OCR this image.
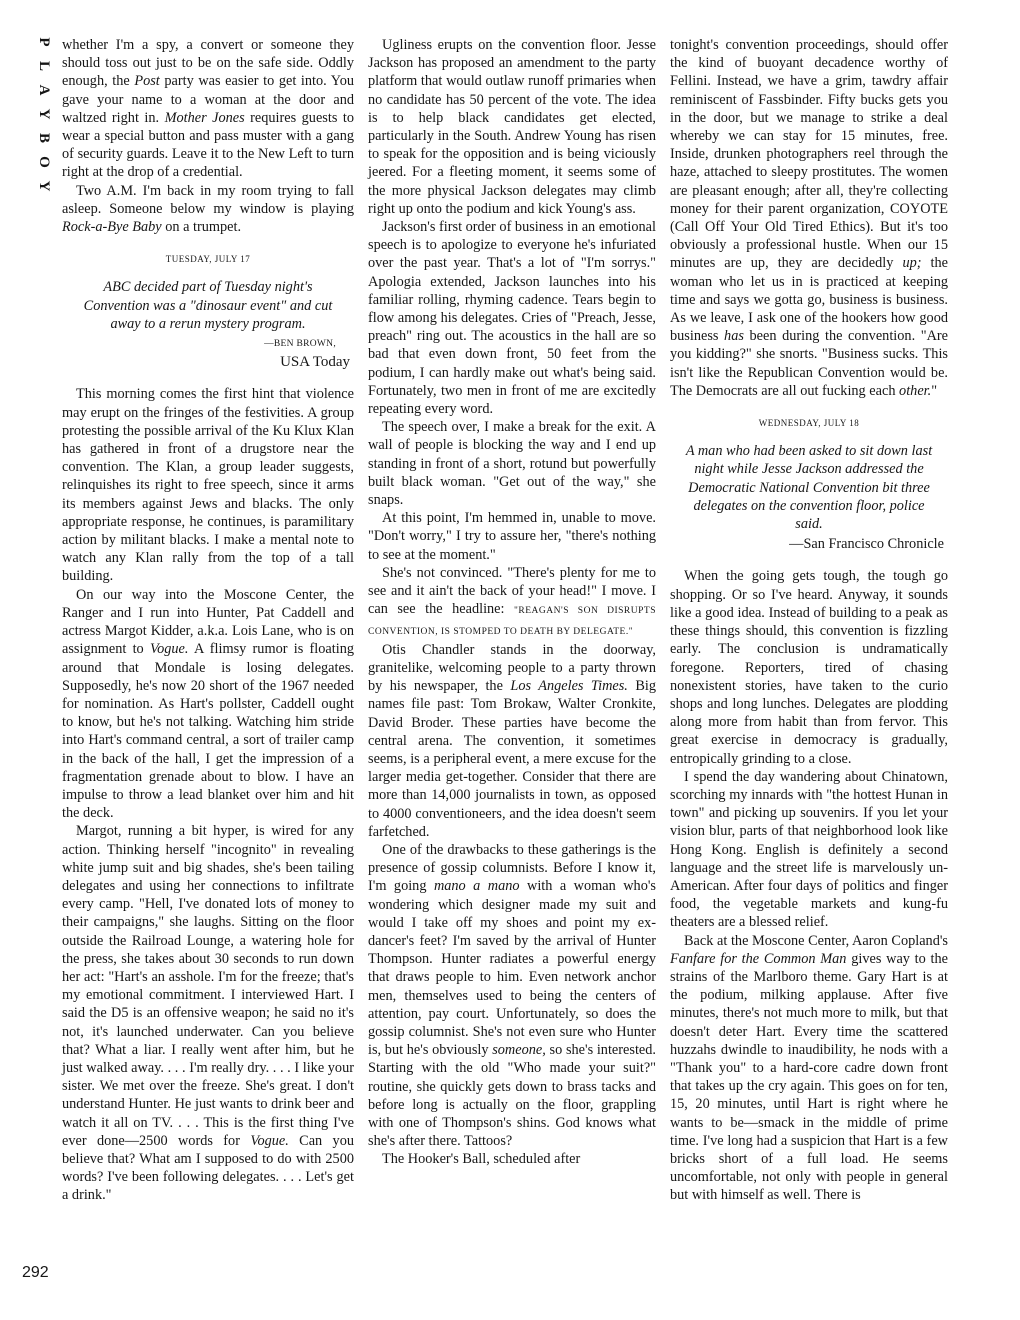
P
L
A
Y
B
O
Y
292

whether I'm a spy, a convert or someone they should toss out just to be on the safe side. Oddly enough, the Post party was easier to get into. You gave your name to a woman at the door and waltzed right in. Mother Jones requires guests to wear a special button and pass muster with a gang of security guards. Leave it to the New Left to turn right at the drop of a credential.

Two A.M. I'm back in my room trying to fall asleep. Someone below my window is playing Rock-a-Bye Baby on a trumpet.

TUESDAY, JULY 17
ABC decided part of Tuesday night's Convention was a "dinosaur event" and cut away to a rerun mystery program.
—BEN BROWN,
USA Today

This morning comes the first hint that violence may erupt on the fringes of the festivities. A group protesting the possible arrival of the Ku Klux Klan has gathered in front of a drugstore near the convention. The Klan, a group leader suggests, relinquishes its right to free speech, since it arms its members against Jews and blacks. The only appropriate response, he continues, is paramilitary action by militant blacks. I make a mental note to watch any Klan rally from the top of a tall building.

On our way into the Moscone Center, the Ranger and I run into Hunter, Pat Caddell and actress Margot Kidder, a.k.a. Lois Lane, who is on assignment to Vogue. A flimsy rumor is floating around that Mondale is losing delegates. Supposedly, he's now 20 short of the 1967 needed for nomination. As Hart's pollster, Caddell ought to know, but he's not talking. Watching him stride into Hart's command central, a sort of trailer camp in the back of the hall, I get the impression of a fragmentation grenade about to blow. I have an impulse to throw a lead blanket over him and hit the deck.

Margot, running a bit hyper, is wired for any action. Thinking herself "incognito" in revealing white jump suit and big shades, she's been tailing delegates and using her connections to infiltrate every camp. "Hell, I've donated lots of money to their campaigns," she laughs. Sitting on the floor outside the Railroad Lounge, a watering hole for the press, she takes about 30 seconds to run down her act: "Hart's an asshole. I'm for the freeze; that's my emotional commitment. I interviewed Hart. I said the D5 is an offensive weapon; he said no it's not, it's launched underwater. Can you believe that? What a liar. I really went after him, but he just walked away. . . . I'm really dry. . . . I like your sister. We met over the freeze. She's great. I don't understand Hunter. He just wants to drink beer and watch it all on TV. . . . This is the first thing I've ever done—2500 words for Vogue. Can you believe that? What am I supposed to do with 2500 words? I've been following delegates. . . . Let's get a drink."

Ugliness erupts on the convention floor. Jesse Jackson has proposed an amendment to the party platform that would outlaw runoff primaries when no candidate has 50 percent of the vote. The idea is to help black candidates get elected, particularly in the South. Andrew Young has risen to speak for the opposition and is being viciously jeered. For a fleeting moment, it seems some of the more physical Jackson delegates may climb right up onto the podium and kick Young's ass.

Jackson's first order of business in an emotional speech is to apologize to everyone he's infuriated over the past year. That's a lot of "I'm sorrys." Apologia extended, Jackson launches into his familiar rolling, rhyming cadence. Tears begin to flow among his delegates. Cries of "Preach, Jesse, preach" ring out. The acoustics in the hall are so bad that even down front, 50 feet from the podium, I can hardly make out what's being said. Fortunately, two men in front of me are excitedly repeating every word.

The speech over, I make a break for the exit. A wall of people is blocking the way and I end up standing in front of a short, rotund but powerfully built black woman. "Get out of the way," she snaps.

At this point, I'm hemmed in, unable to move. "Don't worry," I try to assure her, "there's nothing to see at the moment."

She's not convinced. "There's plenty for me to see and it ain't the back of your head!" I move. I can see the headline: "REAGAN'S SON DISRUPTS CONVENTION, IS STOMPED TO DEATH BY DELEGATE."

Otis Chandler stands in the doorway, granitelike, welcoming people to a party thrown by his newspaper, the Los Angeles Times. Big names file past: Tom Brokaw, Walter Cronkite, David Broder. These parties have become the central arena. The convention, it sometimes seems, is a peripheral event, a mere excuse for the larger media get-together. Consider that there are more than 14,000 journalists in town, as opposed to 4000 conventioneers, and the idea doesn't seem farfetched.

One of the drawbacks to these gatherings is the presence of gossip columnists. Before I know it, I'm going mano a mano with a woman who's wondering which designer made my suit and would I take off my shoes and point my ex-dancer's feet? I'm saved by the arrival of Hunter Thompson. Hunter radiates a powerful energy that draws people to him. Even network anchor men, themselves used to being the centers of attention, pay court. Unfortunately, so does the gossip columnist. She's not even sure who Hunter is, but he's obviously someone, so she's interested. Starting with the old "Who made your suit?" routine, she quickly gets down to brass tacks and before long is actually on the floor, grappling with one of Thompson's shins. God knows what she's after there. Tattoos?

The Hooker's Ball, scheduled after

tonight's convention proceedings, should offer the kind of buoyant decadence worthy of Fellini. Instead, we have a grim, tawdry affair reminiscent of Fassbinder. Fifty bucks gets you in the door, but we manage to strike a deal whereby we can stay for 15 minutes, free. Inside, drunken photographers reel through the haze, attached to sleepy prostitutes. The women are pleasant enough; after all, they're collecting money for their parent organization, COYOTE (Call Off Your Old Tired Ethics). But it's too obviously a professional hustle. When our 15 minutes are up, they are decidedly up; the woman who let us in is practiced at keeping time and says we gotta go, business is business. As we leave, I ask one of the hookers how good business has been during the convention. "Are you kidding?" she snorts. "Business sucks. This isn't like the Republican Convention would be. The Democrats are all out fucking each other."

WEDNESDAY, JULY 18
A man who had been asked to sit down last night while Jesse Jackson addressed the Democratic National Convention bit three delegates on the convention floor, police said.
—San Francisco Chronicle

When the going gets tough, the tough go shopping. Or so I've heard. Anyway, it sounds like a good idea. Instead of building to a peak as these things should, this convention is fizzling early. The conclusion is undramatically foregone. Reporters, tired of chasing nonexistent stories, have taken to the curio shops and long lunches. Delegates are plodding along more from habit than from fervor. This great exercise in democracy is gradually, entropically grinding to a close.

I spend the day wandering about Chinatown, scorching my innards with "the hottest Hunan in town" and picking up souvenirs. If you let your vision blur, parts of that neighborhood look like Hong Kong. English is definitely a second language and the street life is marvelously un-American. After four days of politics and finger food, the vegetable markets and kung-fu theaters are a blessed relief.

Back at the Moscone Center, Aaron Copland's Fanfare for the Common Man gives way to the strains of the Marlboro theme. Gary Hart is at the podium, milking applause. After five minutes, there's not much more to milk, but that doesn't deter Hart. Every time the scattered huzzahs dwindle to inaudibility, he nods with a "Thank you" to a hard-core cadre down front that takes up the cry again. This goes on for ten, 15, 20 minutes, until Hart is right where he wants to be—smack in the middle of prime time. I've long had a suspicion that Hart is a few bricks short of a full load. He seems uncomfortable, not only with people in general but with himself as well. There is
